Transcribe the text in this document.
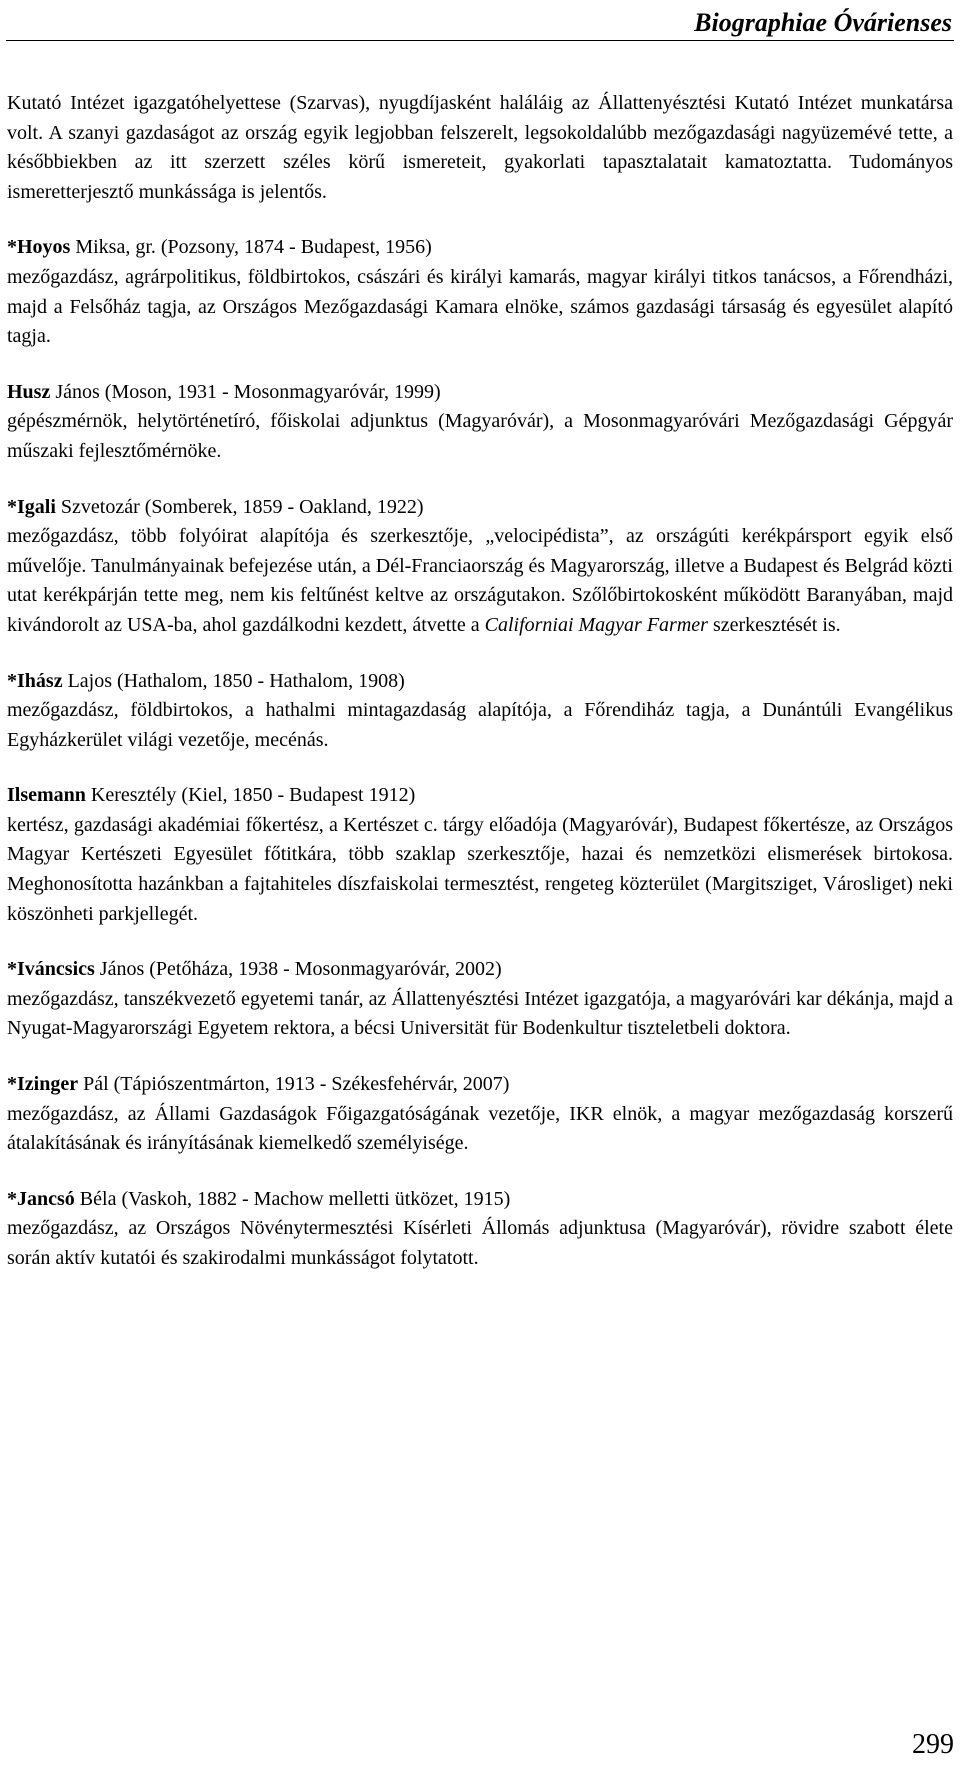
Biographiae Óvárienses

Kutató Intézet igazgatóhelyettese (Szarvas), nyugdíjasként haláláig az Állattenyésztési Kutató Intézet munkatársa volt. A szanyi gazdaságot az ország egyik legjobban felszerelt, legsokoldalúbb mezőgazdasági nagyüzemévé tette, a későbbiekben az itt szerzett széles körű ismereteit, gyakorlati tapasztalatait kamatoztatta. Tudományos ismeretterjesztő munkássága is jelentős.

*Hoyos Miksa, gr. (Pozsony, 1874 - Budapest, 1956)
mezőgazdász, agrárpolitikus, földbirtokos, császári és királyi kamarás, magyar királyi titkos tanácsos, a Főrendházi, majd a Felsőház tagja, az Országos Mezőgazdasági Kamara elnöke, számos gazdasági társaság és egyesület alapító tagja.
Husz János (Moson, 1931 - Mosonmagyaróvár, 1999)
gépészmérnök, helytörténetíró, főiskolai adjunktus (Magyaróvár), a Mosonmagyaróvári Mezőgazdasági Gépgyár műszaki fejlesztőmérnöke.
*Igali Szvetozár (Somberek, 1859 - Oakland, 1922)
mezőgazdász, több folyóirat alapítója és szerkesztője, „velocipédista”, az országúti kerékpársport egyik első művelője. Tanulmányainak befejezése után, a Dél-Franciaország és Magyarország, illetve a Budapest és Belgrád közti utat kerékpárján tette meg, nem kis feltűnést keltve az országutakon. Szőlőbirtokosként működött Baranyában, majd kivándorolt az USA-ba, ahol gazdálkodni kezdett, átvette a Californiai Magyar Farmer szerkesztését is.
*Ihász Lajos (Hathalom, 1850 - Hathalom, 1908)
mezőgazdász, földbirtokos, a hathalmi mintagazdaság alapítója, a Főrendiház tagja, a Dunántúli Evangélikus Egyházkerület világi vezetője, mecénás.
Ilsemann Keresztély (Kiel, 1850 - Budapest 1912)
kertész, gazdasági akadémiai főkertész, a Kertészet c. tárgy előadója (Magyaróvár), Budapest főkertésze, az Országos Magyar Kertészeti Egyesület főtitkára, több szaklap szerkesztője, hazai és nemzetközi elismerések birtokosa. Meghonosította hazánkban a fajtahiteles díszfaiskolai termesztést, rengeteg közterület (Margitsziget, Városliget) neki köszönheti parkjellegét.
*Iváncsics János (Petőháza, 1938 - Mosonmagyaróvár, 2002)
mezőgazdász, tanszékvezető egyetemi tanár, az Állattenyésztési Intézet igazgatója, a magyaróvári kar dékánja, majd a Nyugat-Magyarországi Egyetem rektora, a bécsi Universität für Bodenkultur tiszteletbeli doktora.
*Izinger Pál (Tápiószentmárton, 1913 - Székesfehérvár, 2007)
mezőgazdász, az Állami Gazdaságok Főigazgatóságának vezetője, IKR elnök, a magyar mezőgazdaság korszerű átalakításának és irányításának kiemelkedő személyisége.
*Jancsó Béla (Vaskoh, 1882 - Machow melletti ütközet, 1915)
mezőgazdász, az Országos Növénytermesztési Kísérleti Állomás adjunktusa (Magyaróvár), rövidre szabott élete során aktív kutatói és szakirodalmi munkásságot folytatott.
299
